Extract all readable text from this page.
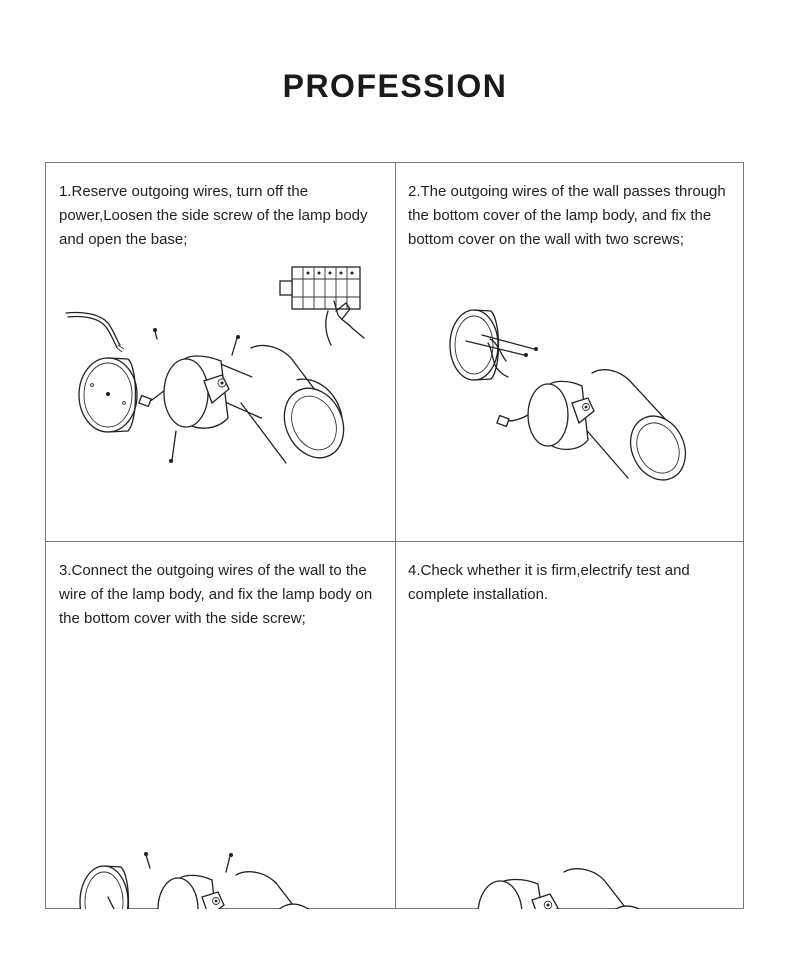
PROFESSION
1.Reserve outgoing wires, turn off the power,Loosen the side screw of the lamp body and open the base;
2.The outgoing wires of the wall passes through the bottom cover of the lamp body, and fix the bottom cover on the wall with two screws;
3.Connect the outgoing wires of the wall to the wire of the lamp body, and fix the lamp body on the bottom cover with the side screw;
4.Check whether it is firm,electrify test and complete installation.
